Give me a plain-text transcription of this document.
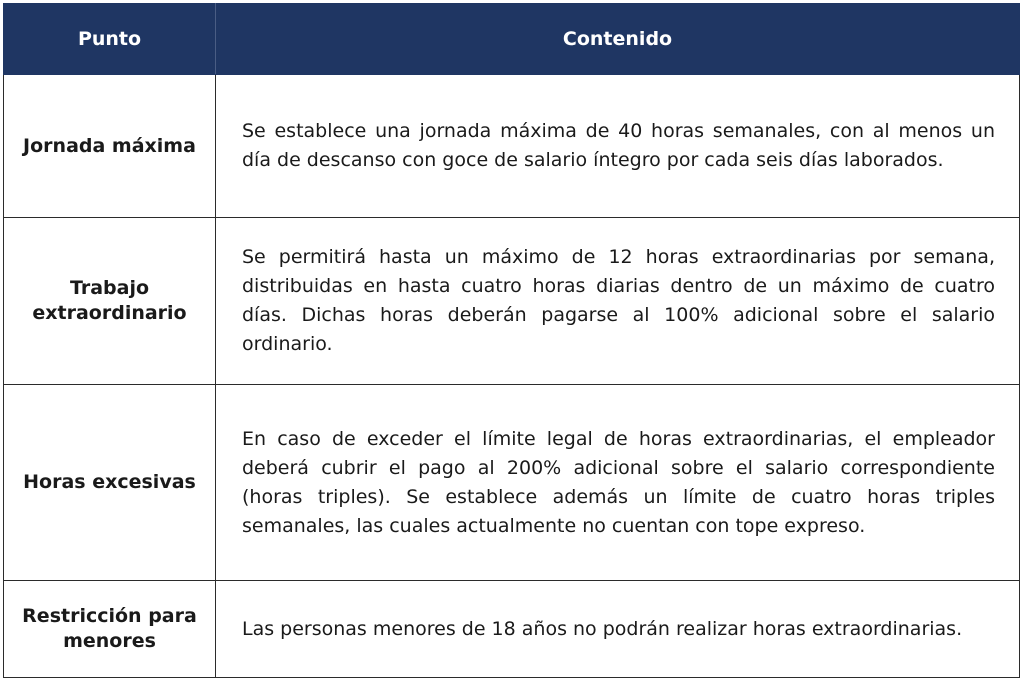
Punto	Contenido
Jornada máxima	Se establece una jornada máxima de 40 horas semanales, con al menos un día de descanso con goce de salario íntegro por cada seis días laborados.
Trabajo extraordinario	Se permitirá hasta un máximo de 12 horas extraordinarias por semana, distribuidas en hasta cuatro horas diarias dentro de un máximo de cuatro días. Dichas horas deberán pagarse al 100% adicional sobre el salario ordinario.
Horas excesivas	En caso de exceder el límite legal de horas extraordinarias, el empleador deberá cubrir el pago al 200% adicional sobre el salario correspondiente (horas triples). Se establece además un límite de cuatro horas triples semanales, las cuales actualmente no cuentan con tope expreso.
Restricción para menores	Las personas menores de 18 años no podrán realizar horas extraordinarias.
